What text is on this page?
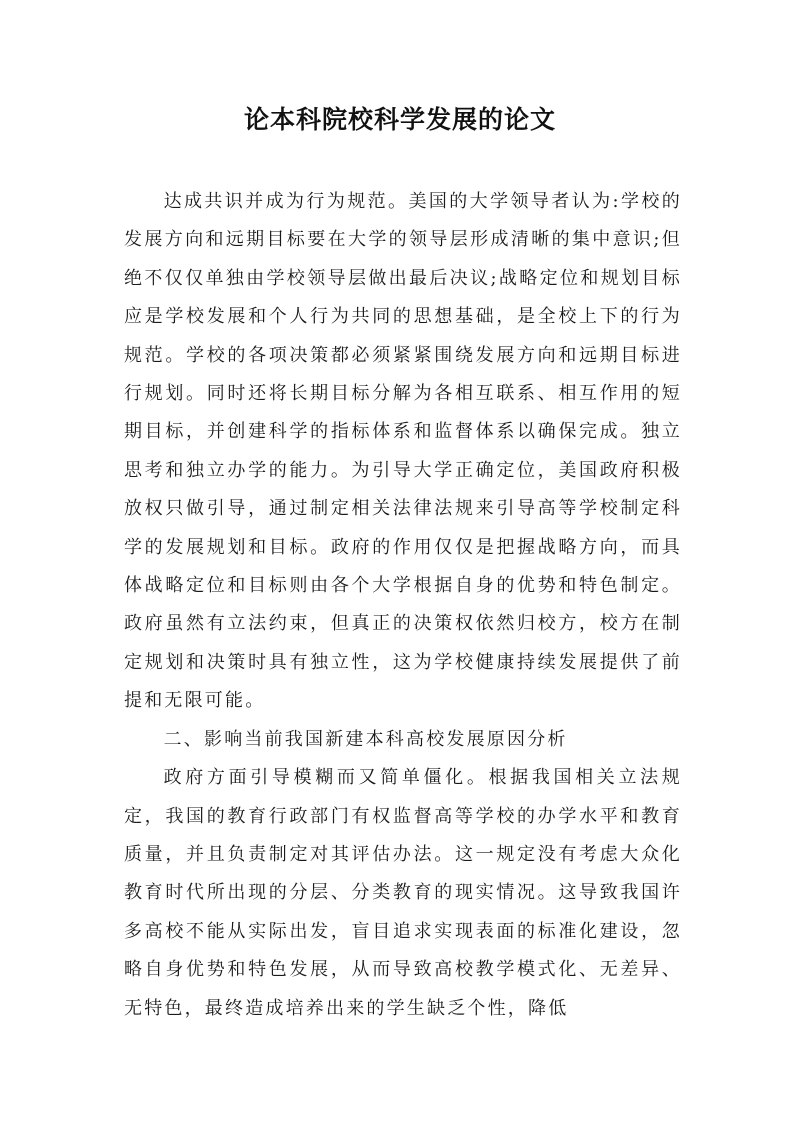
论本科院校科学发展的论文

达成共识并成为行为规范。美国的大学领导者认为:学校的发展方向和远期目标要在大学的领导层形成清晰的集中意识;但绝不仅仅单独由学校领导层做出最后决议;战略定位和规划目标应是学校发展和个人行为共同的思想基础，是全校上下的行为规范。学校的各项决策都必须紧紧围绕发展方向和远期目标进行规划。同时还将长期目标分解为各相互联系、相互作用的短期目标，并创建科学的指标体系和监督体系以确保完成。独立思考和独立办学的能力。为引导大学正确定位，美国政府积极放权只做引导，通过制定相关法律法规来引导高等学校制定科学的发展规划和目标。政府的作用仅仅是把握战略方向，而具体战略定位和目标则由各个大学根据自身的优势和特色制定。政府虽然有立法约束，但真正的决策权依然归校方，校方在制定规划和决策时具有独立性，这为学校健康持续发展提供了前提和无限可能。

二、影响当前我国新建本科高校发展原因分析

政府方面引导模糊而又简单僵化。根据我国相关立法规定，我国的教育行政部门有权监督高等学校的办学水平和教育质量，并且负责制定对其评估办法。这一规定没有考虑大众化教育时代所出现的分层、分类教育的现实情况。这导致我国许多高校不能从实际出发，盲目追求实现表面的标准化建设，忽略自身优势和特色发展，从而导致高校教学模式化、无差异、无特色，最终造成培养出来的学生缺乏个性，降低
